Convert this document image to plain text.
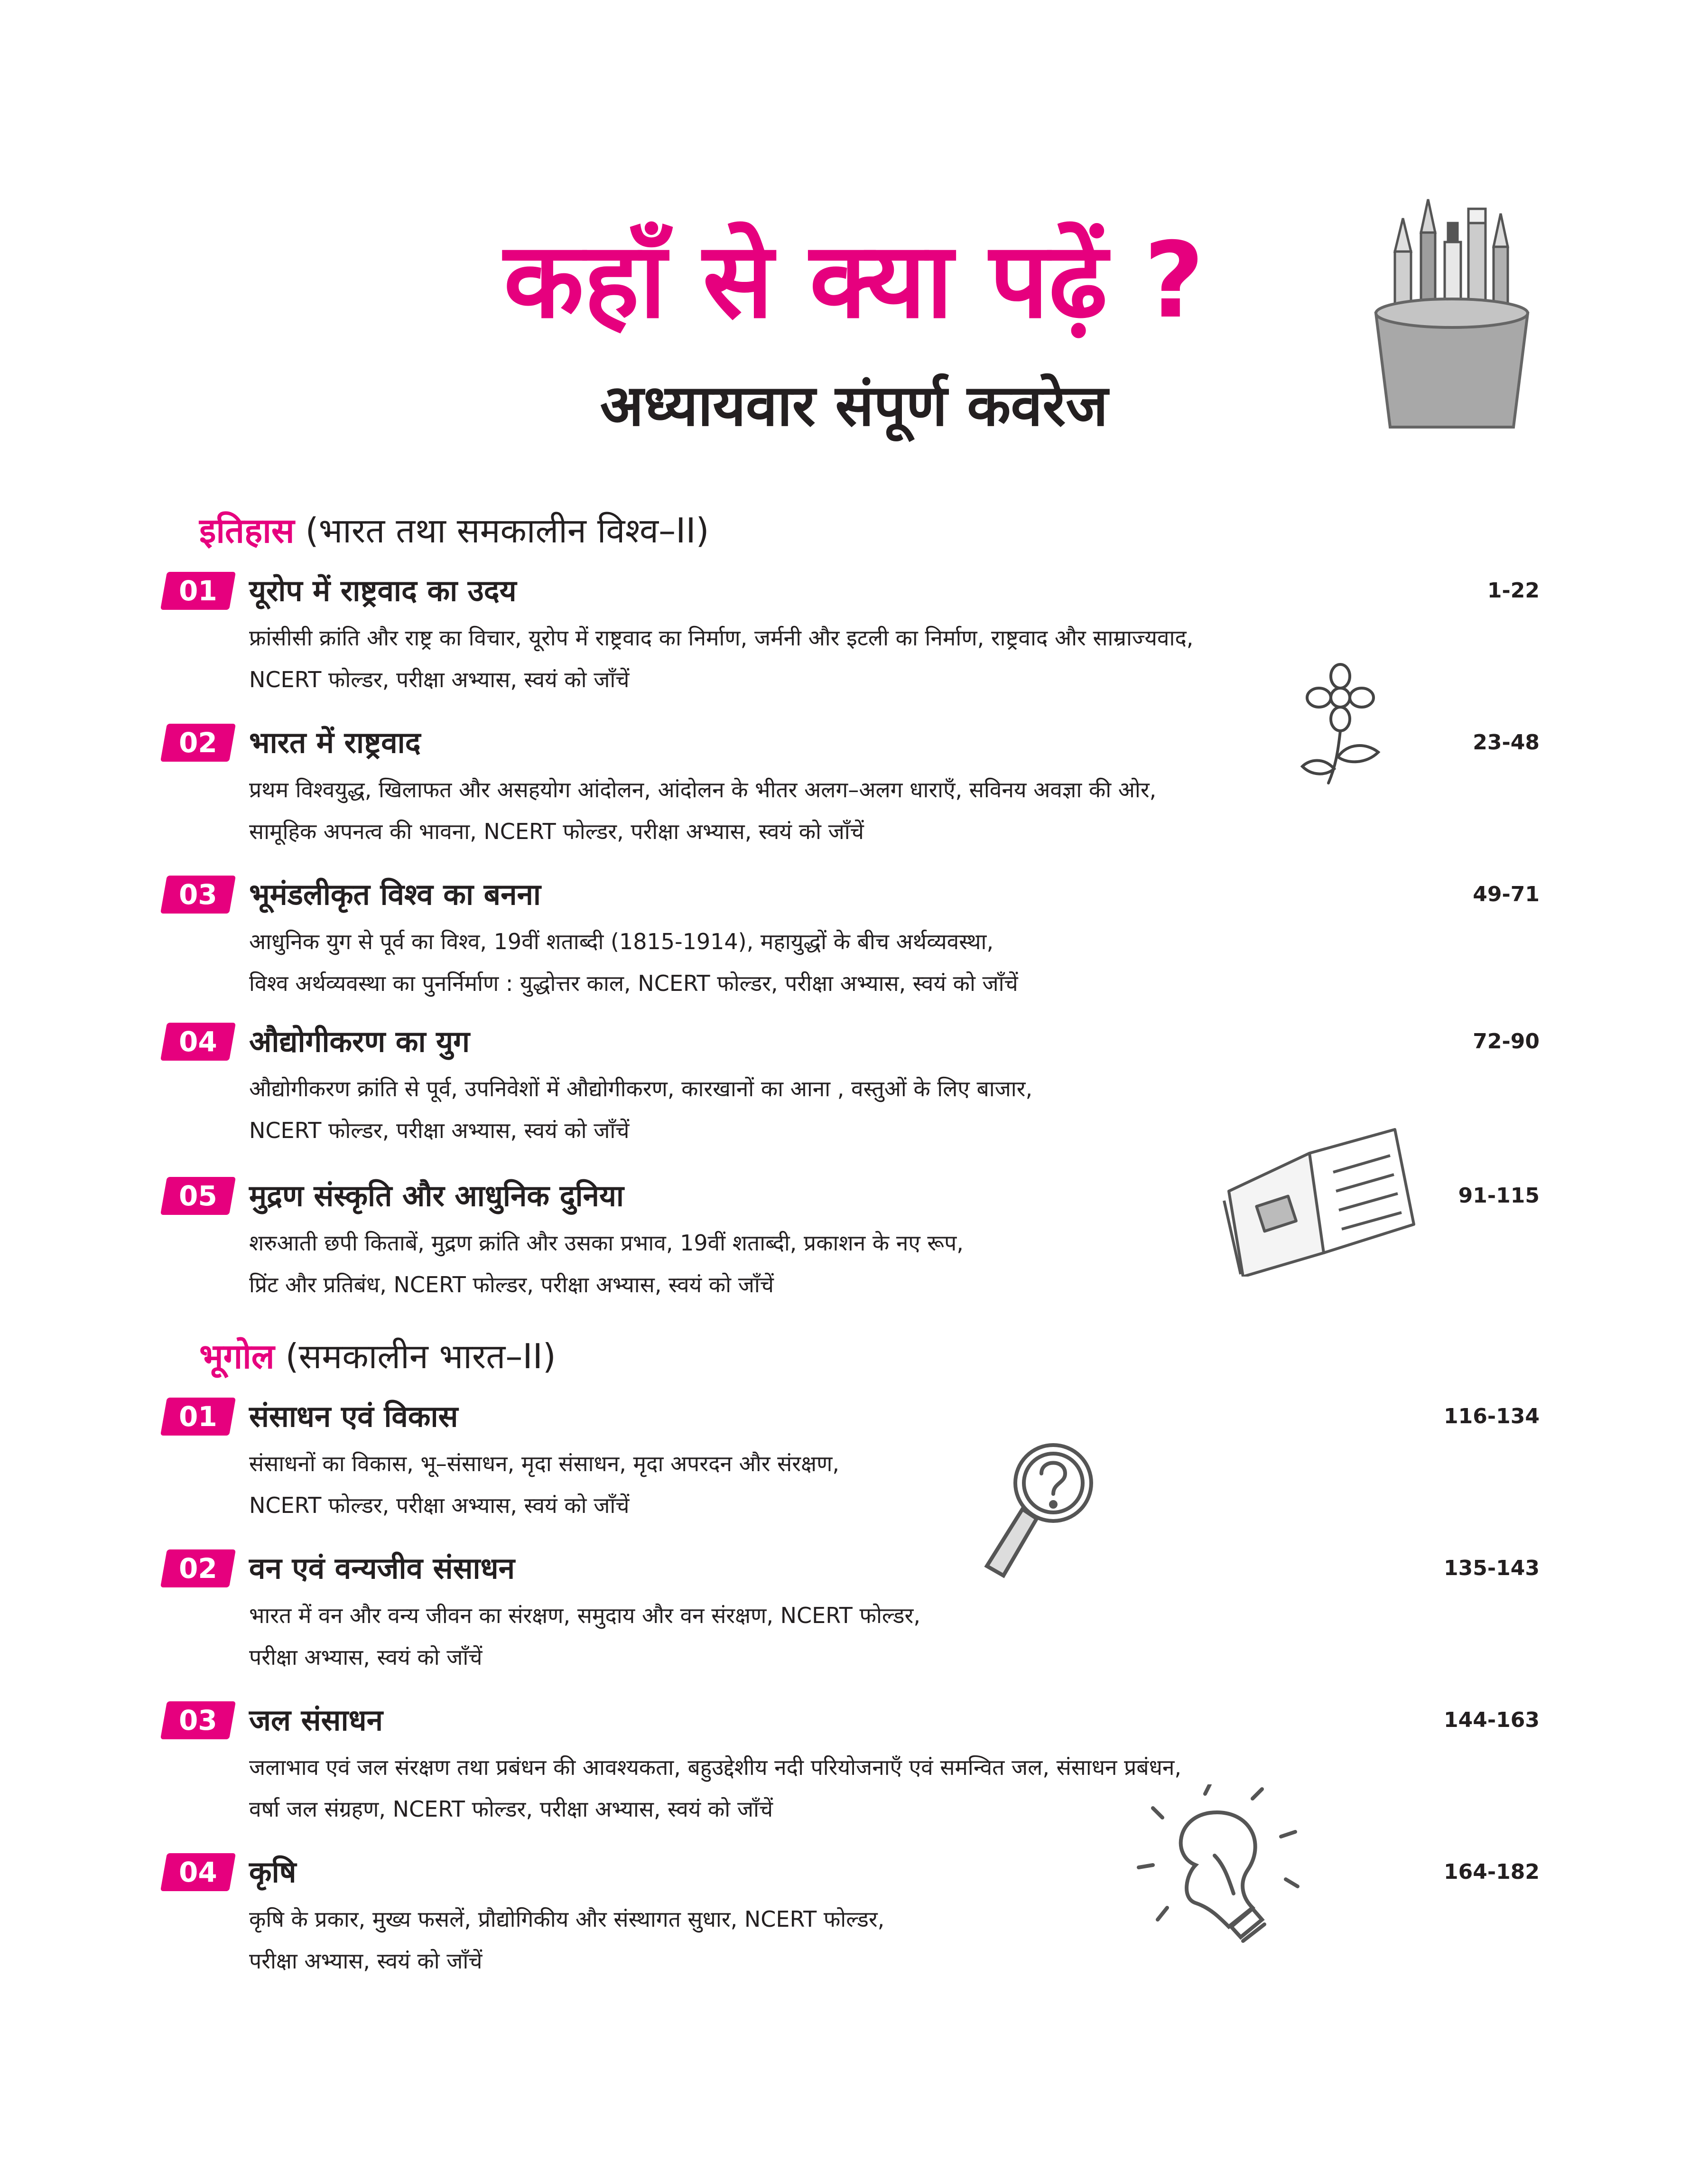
कहाँ से क्या पढ़ें ?
अध्यायवार संपूर्ण कवरेज
इतिहास (भारत तथा समकालीन विश्व–II)
01	यूरोप में राष्ट्रवाद का उदय	1-22
फ्रांसीसी क्रांति और राष्ट्र का विचार, यूरोप में राष्ट्रवाद का निर्माण, जर्मनी और इटली का निर्माण, राष्ट्रवाद और साम्राज्यवाद,
NCERT फोल्डर, परीक्षा अभ्यास, स्वयं को जाँचें
02	भारत में राष्ट्रवाद	23-48
प्रथम विश्वयुद्ध, खिलाफत और असहयोग आंदोलन, आंदोलन के भीतर अलग–अलग धाराएँ, सविनय अवज्ञा की ओर,
सामूहिक अपनत्व की भावना, NCERT फोल्डर, परीक्षा अभ्यास, स्वयं को जाँचें
03	भूमंडलीकृत विश्व का बनना	49-71
आधुनिक युग से पूर्व का विश्व, 19वीं शताब्दी (1815-1914), महायुद्धों के बीच अर्थव्यवस्था,
विश्व अर्थव्यवस्था का पुनर्निर्माण : युद्धोत्तर काल, NCERT फोल्डर, परीक्षा अभ्यास, स्वयं को जाँचें
04	औद्योगीकरण का युग	72-90
औद्योगीकरण क्रांति से पूर्व, उपनिवेशों में औद्योगीकरण, कारखानों का आना , वस्तुओं के लिए बाजार,
NCERT फोल्डर, परीक्षा अभ्यास, स्वयं को जाँचें
05	मुद्रण संस्कृति और आधुनिक दुनिया	91-115
शरुआती छपी किताबें, मुद्रण क्रांति और उसका प्रभाव, 19वीं शताब्दी, प्रकाशन के नए रूप,
प्रिंट और प्रतिबंध, NCERT फोल्डर, परीक्षा अभ्यास, स्वयं को जाँचें
भूगोल (समकालीन भारत–II)
01	संसाधन एवं विकास	116-134
संसाधनों का विकास, भू–संसाधन, मृदा संसाधन, मृदा अपरदन और संरक्षण,
NCERT फोल्डर, परीक्षा अभ्यास, स्वयं को जाँचें
02	वन एवं वन्यजीव संसाधन	135-143
भारत में वन और वन्य जीवन का संरक्षण, समुदाय और वन संरक्षण, NCERT फोल्डर,
परीक्षा अभ्यास, स्वयं को जाँचें
03	जल संसाधन	144-163
जलाभाव एवं जल संरक्षण तथा प्रबंधन की आवश्यकता, बहुउद्देशीय नदी परियोजनाएँ एवं समन्वित जल, संसाधन प्रबंधन,
वर्षा जल संग्रहण, NCERT फोल्डर, परीक्षा अभ्यास, स्वयं को जाँचें
04	कृषि	164-182
कृषि के प्रकार, मुख्य फसलें, प्रौद्योगिकीय और संस्थागत सुधार, NCERT फोल्डर,
परीक्षा अभ्यास, स्वयं को जाँचें
